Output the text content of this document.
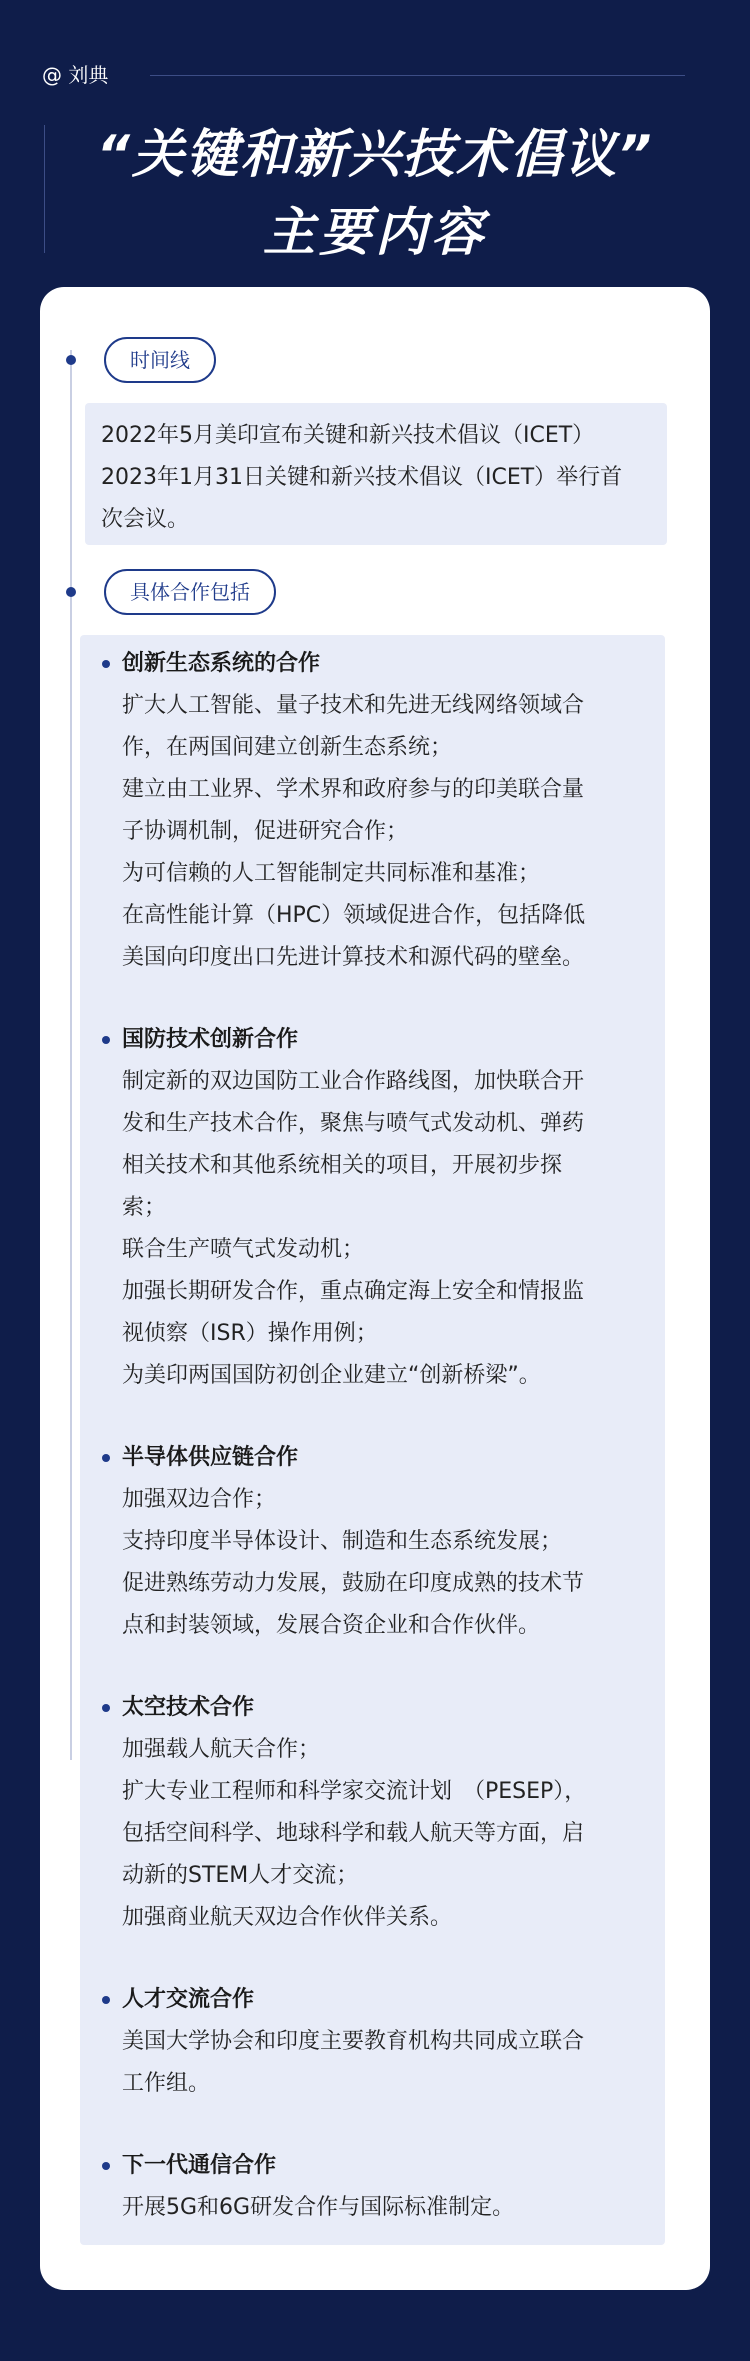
@ 刘典
“关键和新兴技术倡议”
主要内容
时间线

2022年5月美印宣布关键和新兴技术倡议（ICET）

2023年1月31日关键和新兴技术倡议（ICET）举行首

次会议。

具体合作包括
创新生态系统的合作
扩大人工智能、量子技术和先进无线网络领域合
作，在两国间建立创新生态系统；
建立由工业界、学术界和政府参与的印美联合量
子协调机制，促进研究合作；
为可信赖的人工智能制定共同标准和基准；
在高性能计算（HPC）领域促进合作，包括降低
美国向印度出口先进计算技术和源代码的壁垒。
国防技术创新合作
制定新的双边国防工业合作路线图，加快联合开
发和生产技术合作，聚焦与喷气式发动机、弹药
相关技术和其他系统相关的项目，开展初步探
索；
联合生产喷气式发动机；
加强长期研发合作，重点确定海上安全和情报监
视侦察（ISR）操作用例；
为美印两国国防初创企业建立“创新桥梁”。
半导体供应链合作
加强双边合作；
支持印度半导体设计、制造和生态系统发展；
促进熟练劳动力发展，鼓励在印度成熟的技术节
点和封装领域，发展合资企业和合作伙伴。
太空技术合作
加强载人航天合作；
扩大专业工程师和科学家交流计划　（PESEP），
包括空间科学、地球科学和载人航天等方面，启
动新的STEM人才交流；
加强商业航天双边合作伙伴关系。
人才交流合作
美国大学协会和印度主要教育机构共同成立联合
工作组。
下一代通信合作
开展5G和6G研发合作与国际标准制定。
